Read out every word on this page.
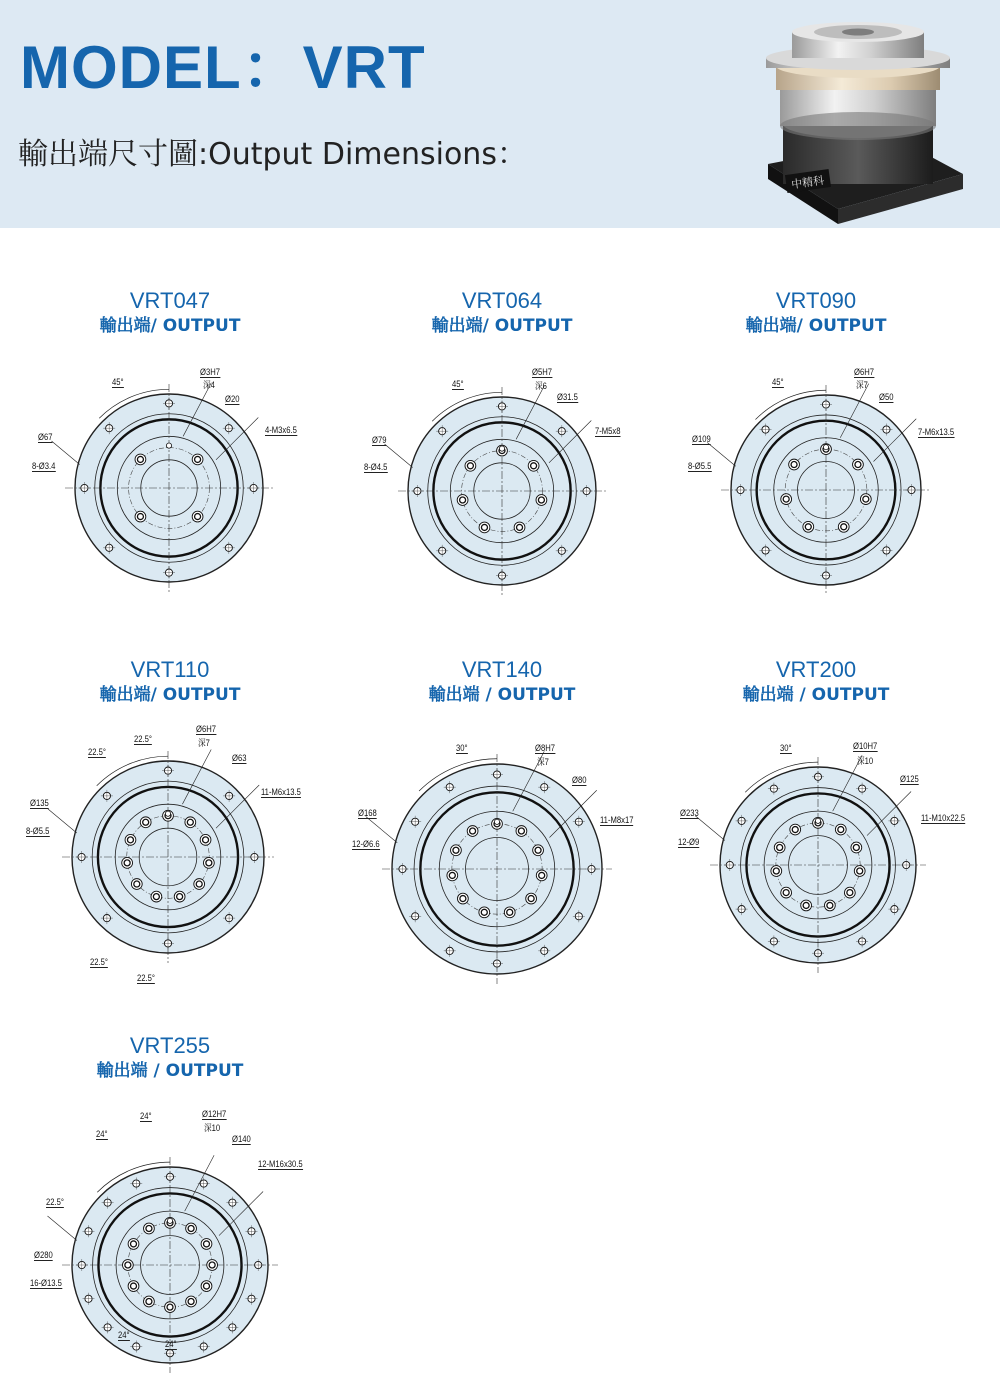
MODEL：VRT

輸出端尺寸圖:Output Dimensions：

中精科
VRT047
輸出端/ OUTPUT
45°
Ø3H7
深4
Ø20
4-M3x6.5
Ø67
8-Ø3.4
VRT064
輸出端/ OUTPUT
45°
Ø5H7
深6
Ø31.5
7-M5x8
Ø79
8-Ø4.5
VRT090
輸出端/ OUTPUT
45°
Ø6H7
深7
Ø50
7-M6x13.5
Ø109
8-Ø5.5
VRT110
輸出端/ OUTPUT
22.5°
22.5°
Ø6H7
深7
Ø63
11-M6x13.5
Ø135
8-Ø5.5
22.5°
22.5°
VRT140
輸出端 / OUTPUT
30°	Ø8H7
深7
Ø80
11-M8x17
Ø168
12-Ø6.6
VRT200
輸出端 / OUTPUT
30°	Ø10H7
深10
Ø125
11-M10x22.5
Ø233
12-Ø9
VRT255
輸出端 / OUTPUT
24°
24°
22.5°
Ø12H7
深10
Ø140
12-M16x30.5
Ø280
16-Ø13.5
24°
24°
